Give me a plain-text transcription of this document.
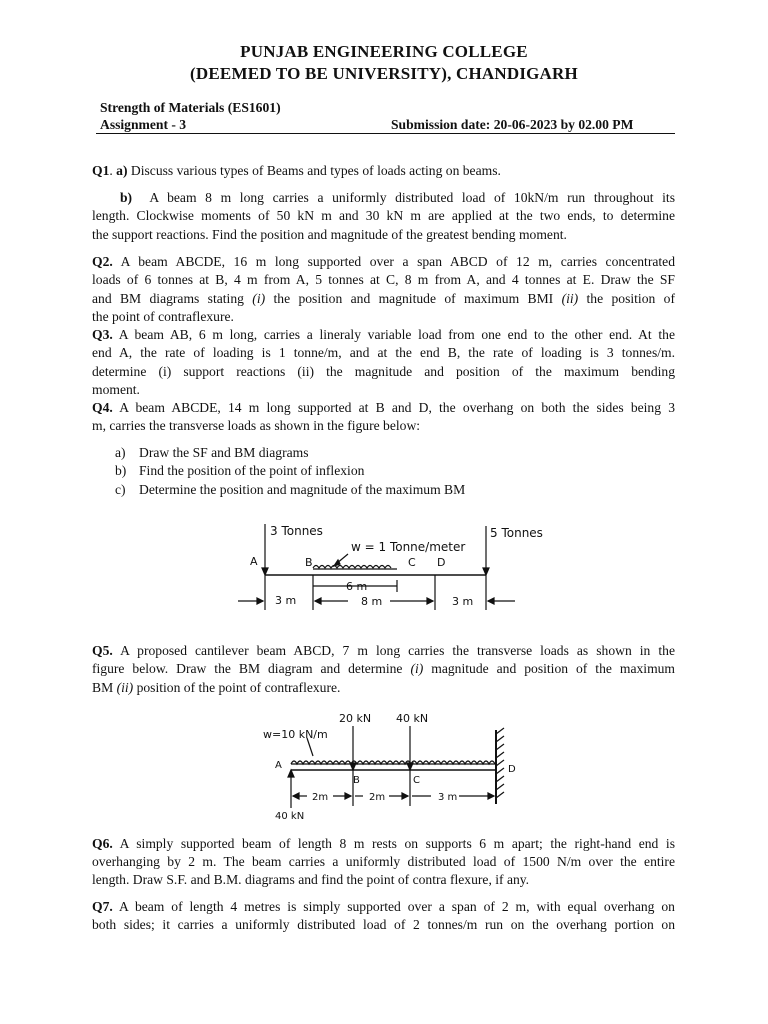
PUNJAB ENGINEERING COLLEGE
(DEEMED TO BE UNIVERSITY), CHANDIGARH
Strength of Materials (ES1601)
Assignment - 3	Submission date: 20-06-2023 by 02.00 PM
Q1. a) Discuss various types of Beams and types of loads acting on beams.
b) A beam 8 m long carries a uniformly distributed load of 10kN/m run throughout its
length. Clockwise moments of 50 kN m and 30 kN m are applied at the two ends, to determine
the support reactions. Find the position and magnitude of the greatest bending moment.
Q2. A beam ABCDE, 16 m long supported over a span ABCD of 12 m, carries concentrated
loads of 6 tonnes at B, 4 m from A, 5 tonnes at C, 8 m from A, and 4 tonnes at E. Draw the SF
and BM diagrams stating (i) the position and magnitude of maximum BMI (ii) the position of
the point of contraflexure.
Q3. A beam AB, 6 m long, carries a lineraly variable load from one end to the other end. At the
end A, the rate of loading is 1 tonne/m, and at the end B, the rate of loading is 3 tonnes/m.
determine (i) support reactions (ii) the magnitude and position of the maximum bending
moment.
Q4. A beam ABCDE, 14 m long supported at B and D, the overhang on both the sides being 3
m, carries the transverse loads as shown in the figure below:
a) Draw the SF and BM diagrams
b) Find the position of the point of inflexion
c) Determine the position and magnitude of the maximum BM
3 Tonnes
w = 1 Tonne/meter
5 Tonnes
A	B	C D
6 m
3 m	8 m	3 m
Q5. A proposed cantilever beam ABCD, 7 m long carries the transverse loads as shown in the
figure below. Draw the BM diagram and determine (i) magnitude and position of the maximum
BM (ii) position of the point of contraflexure.
w=10 kN/m
20 kN 40 kN
A
B	C
D
2m	2m	3 m
40 kN
Q6. A simply supported beam of length 8 m rests on supports 6 m apart; the right-hand end is
overhanging by 2 m. The beam carries a uniformly distributed load of 1500 N/m over the entire
length. Draw S.F. and B.M. diagrams and find the point of contra flexure, if any.
Q7. A beam of length 4 metres is simply supported over a span of 2 m, with equal overhang on
both sides; it carries a uniformly distributed load of 2 tonnes/m run on the overhang portion on
